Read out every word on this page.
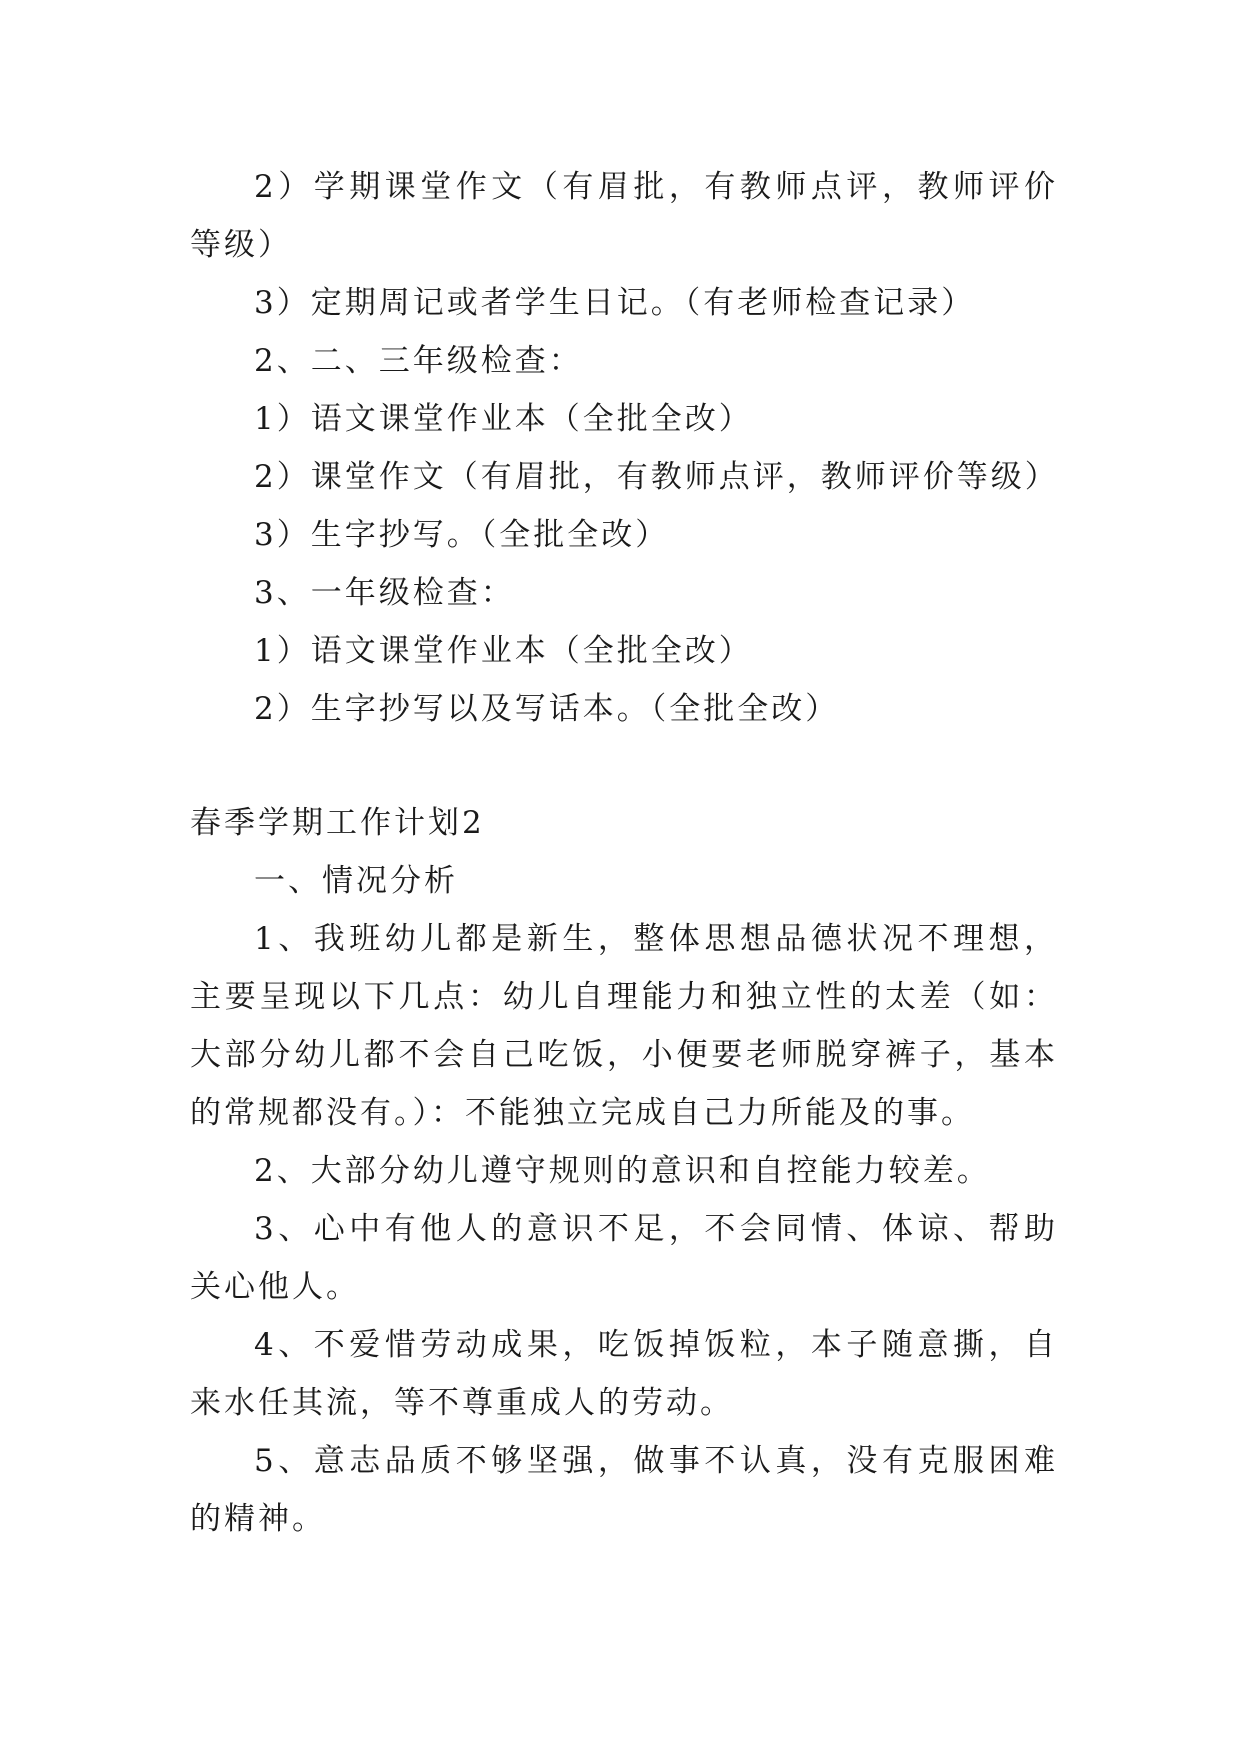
2）学期课堂作文（有眉批，有教师点评，教师评价等级）

3）定期周记或者学生日记。（有老师检查记录）

2、二、三年级检查：

1）语文课堂作业本（全批全改）

2）课堂作文（有眉批，有教师点评，教师评价等级）

3）生字抄写。（全批全改）

3、一年级检查：

1）语文课堂作业本（全批全改）

2）生字抄写以及写话本。（全批全改）

春季学期工作计划2

一、情况分析

1、我班幼儿都是新生，整体思想品德状况不理想，主要呈现以下几点：幼儿自理能力和独立性的太差（如：大部分幼儿都不会自己吃饭，小便要老师脱穿裤子，基本的常规都没有。）：不能独立完成自己力所能及的事。

2、大部分幼儿遵守规则的意识和自控能力较差。

3、心中有他人的意识不足，不会同情、体谅、帮助关心他人。

4、不爱惜劳动成果，吃饭掉饭粒，本子随意撕，自来水任其流，等不尊重成人的劳动。

5、意志品质不够坚强，做事不认真，没有克服困难的精神。
